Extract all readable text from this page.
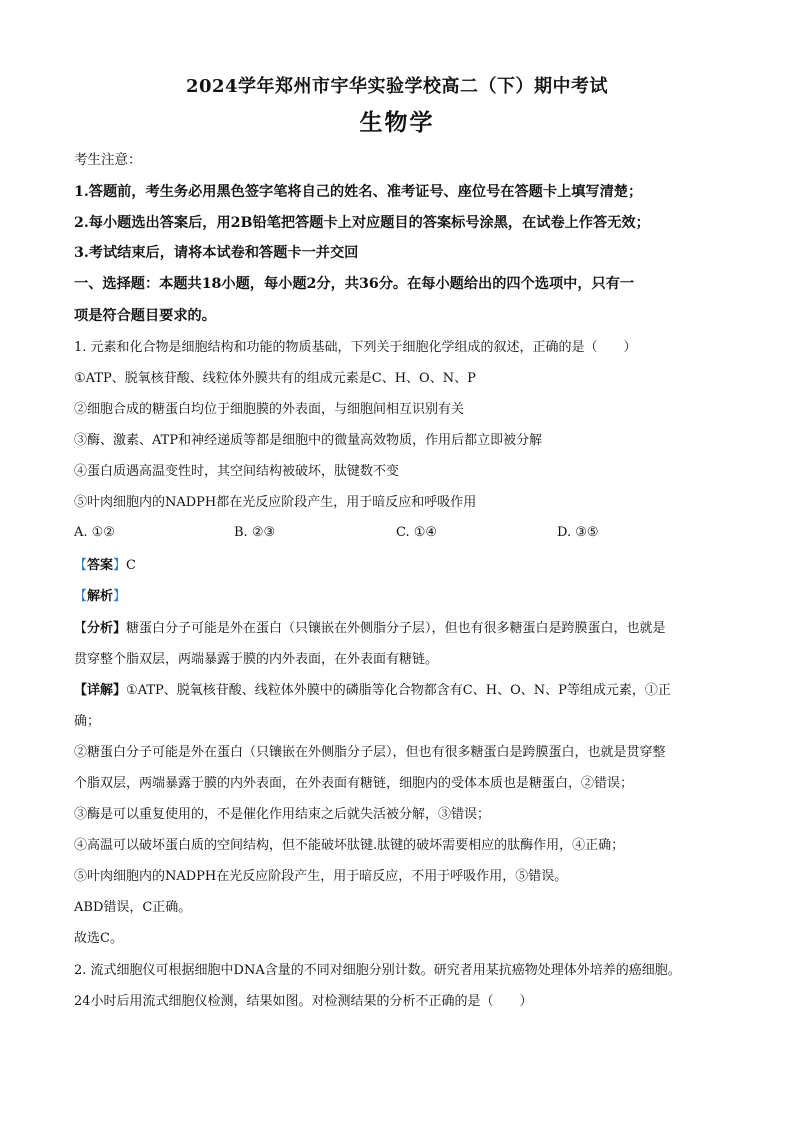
2024学年郑州市宇华实验学校高二（下）期中考试
生物学
考生注意：
1.答题前，考生务必用黑色签字笔将自己的姓名、准考证号、座位号在答题卡上填写清楚；
2.每小题选出答案后，用2B铅笔把答题卡上对应题目的答案标号涂黑，在试卷上作答无效；
3.考试结束后，请将本试卷和答题卡一并交回
一、选择题：本题共18小题，每小题2分，共36分。在每小题给出的四个选项中，只有一
项是符合题目要求的。
1. 元素和化合物是细胞结构和功能的物质基础，下列关于细胞化学组成的叙述，正确的是（　　）
①ATP、脱氧核苷酸、线粒体外膜共有的组成元素是C、H、O、N、P
②细胞合成的糖蛋白均位于细胞膜的外表面，与细胞间相互识别有关
③酶、激素、ATP和神经递质等都是细胞中的微量高效物质，作用后都立即被分解
④蛋白质遇高温变性时，其空间结构被破坏，肽键数不变
⑤叶肉细胞内的NADPH都在光反应阶段产生，用于暗反应和呼吸作用
A. ①②	B. ②③	C. ①④	D. ③⑤
【答案】C
【解析】
【分析】糖蛋白分子可能是外在蛋白（只镶嵌在外侧脂分子层），但也有很多糖蛋白是跨膜蛋白，也就是
贯穿整个脂双层，两端暴露于膜的内外表面，在外表面有糖链。
【详解】①ATP、脱氧核苷酸、线粒体外膜中的磷脂等化合物都含有C、H、O、N、P等组成元素，①正
确；
②糖蛋白分子可能是外在蛋白（只镶嵌在外侧脂分子层），但也有很多糖蛋白是跨膜蛋白，也就是贯穿整
个脂双层，两端暴露于膜的内外表面，在外表面有糖链，细胞内的受体本质也是糖蛋白，②错误；
③酶是可以重复使用的，不是催化作用结束之后就失活被分解，③错误；
④高温可以破坏蛋白质的空间结构，但不能破坏肽键.肽键的破坏需要相应的肽酶作用，④正确；
⑤叶肉细胞内的NADPH在光反应阶段产生，用于暗反应，不用于呼吸作用，⑤错误。
ABD错误，C正确。
故选C。
2. 流式细胞仪可根据细胞中DNA含量的不同对细胞分别计数。研究者用某抗癌物处理体外培养的癌细胞。
24小时后用流式细胞仪检测，结果如图。对检测结果的分析不正确的是（　　）
